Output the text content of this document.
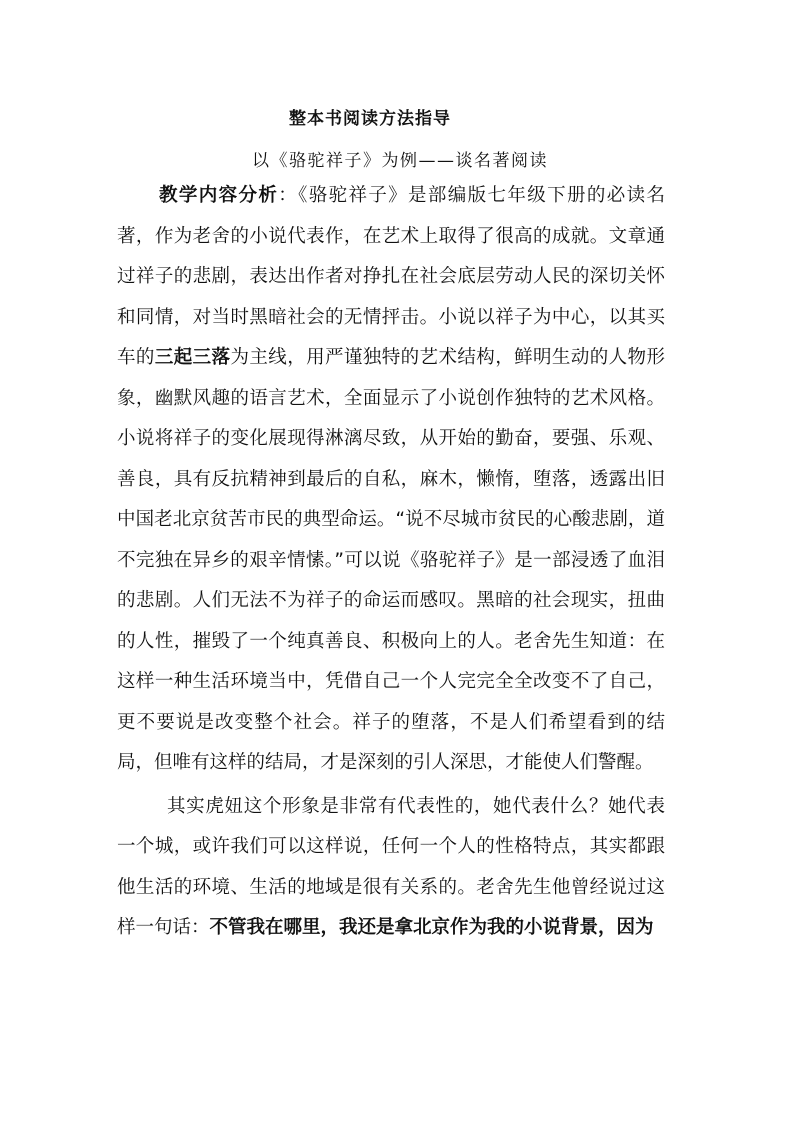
整本书阅读方法指导
以《骆驼祥子》为例——谈名著阅读

教学内容分析：《骆驼祥子》是部编版七年级下册的必读名著，作为老舍的小说代表作，在艺术上取得了很高的成就。文章通过祥子的悲剧，表达出作者对挣扎在社会底层劳动人民的深切关怀和同情，对当时黑暗社会的无情抨击。小说以祥子为中心，以其买车的三起三落为主线，用严谨独特的艺术结构，鲜明生动的人物形象，幽默风趣的语言艺术，全面显示了小说创作独特的艺术风格。小说将祥子的变化展现得淋漓尽致，从开始的勤奋，要强、乐观、善良，具有反抗精神到最后的自私，麻木，懒惰，堕落，透露出旧中国老北京贫苦市民的典型命运。“说不尽城市贫民的心酸悲剧，道不完独在异乡的艰辛情愫。”可以说《骆驼祥子》是一部浸透了血泪的悲剧。人们无法不为祥子的命运而感叹。黑暗的社会现实，扭曲的人性，摧毁了一个纯真善良、积极向上的人。老舍先生知道：在这样一种生活环境当中，凭借自己一个人完完全全改变不了自己，更不要说是改变整个社会。祥子的堕落，不是人们希望看到的结局，但唯有这样的结局，才是深刻的引人深思，才能使人们警醒。

其实虎妞这个形象是非常有代表性的，她代表什么？她代表一个城，或许我们可以这样说，任何一个人的性格特点，其实都跟他生活的环境、生活的地域是很有关系的。老舍先生他曾经说过这样一句话：不管我在哪里，我还是拿北京作为我的小说背景，因为
